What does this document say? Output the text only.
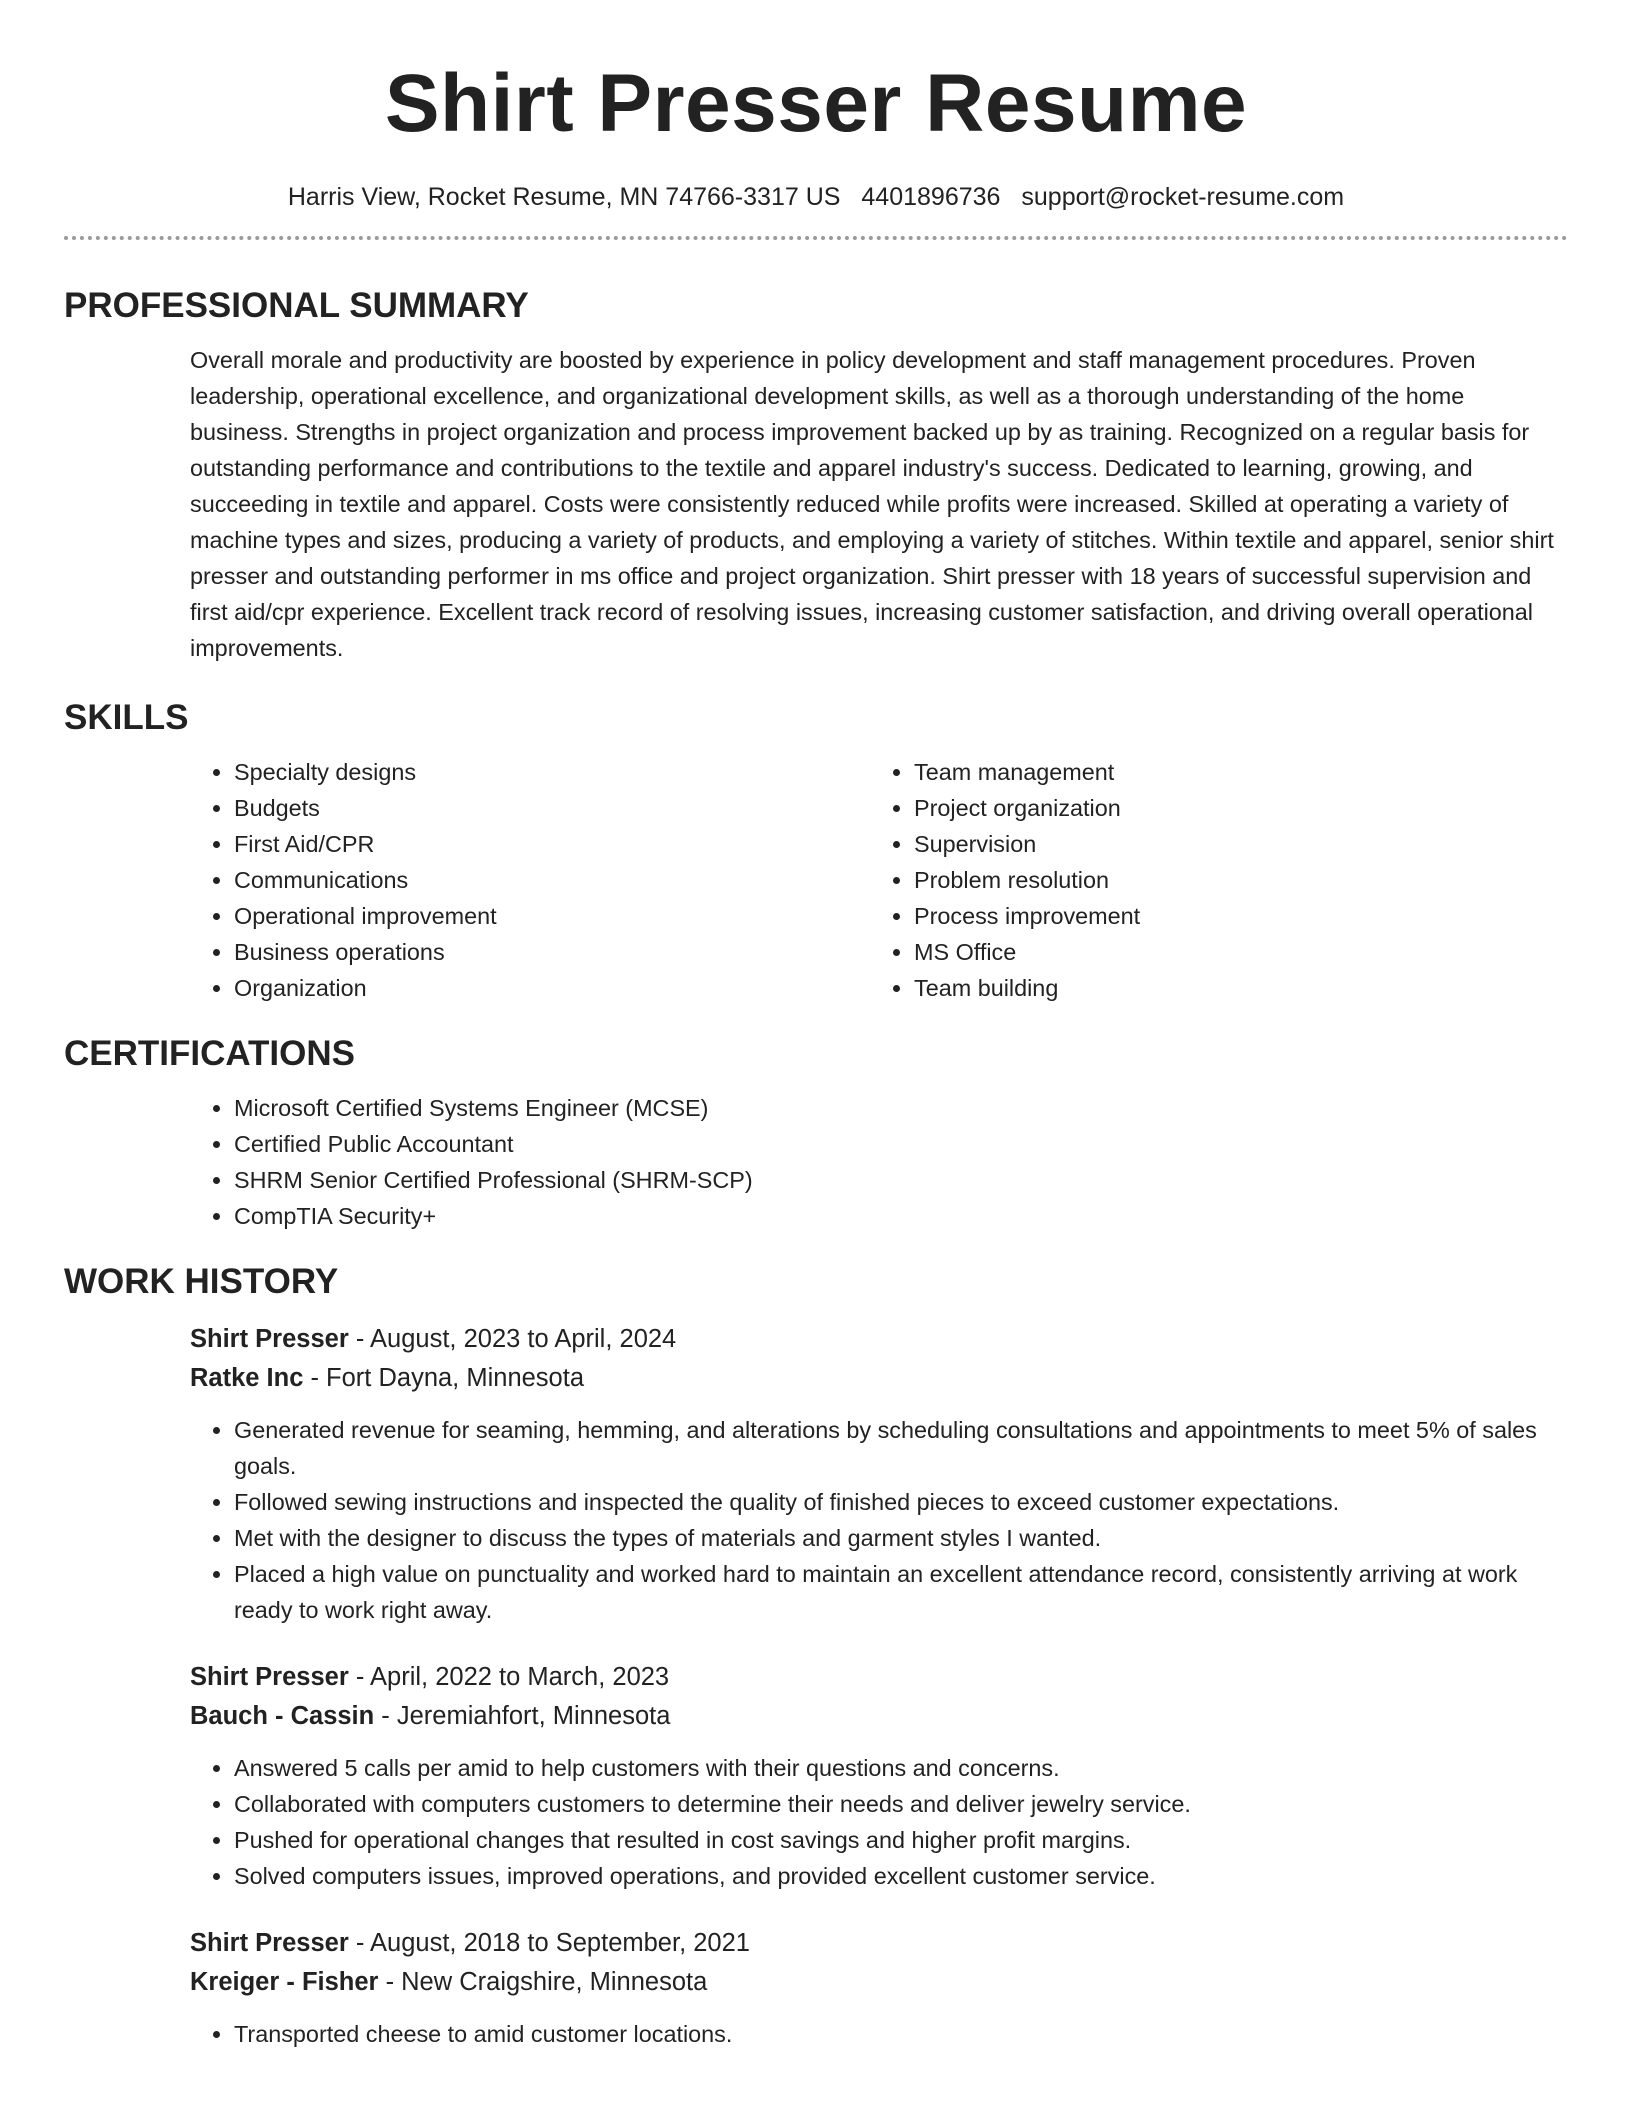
Shirt Presser Resume
Harris View, Rocket Resume, MN 74766-3317 US 4401896736 support@rocket-resume.com
PROFESSIONAL SUMMARY

Overall morale and productivity are boosted by experience in policy development and staff management procedures. Proven leadership, operational excellence, and organizational development skills, as well as a thorough understanding of the home business. Strengths in project organization and process improvement backed up by as training. Recognized on a regular basis for outstanding performance and contributions to the textile and apparel industry's success. Dedicated to learning, growing, and succeeding in textile and apparel. Costs were consistently reduced while profits were increased. Skilled at operating a variety of machine types and sizes, producing a variety of products, and employing a variety of stitches. Within textile and apparel, senior shirt presser and outstanding performer in ms office and project organization. Shirt presser with 18 years of successful supervision and first aid/cpr experience. Excellent track record of resolving issues, increasing customer satisfaction, and driving overall operational improvements.

SKILLS
• Specialty designs
• Budgets
• First Aid/CPR
• Communications
• Operational improvement
• Business operations
• Organization
• Team management
• Project organization
• Supervision
• Problem resolution
• Process improvement
• MS Office
• Team building
CERTIFICATIONS
• Microsoft Certified Systems Engineer (MCSE)
• Certified Public Accountant
• SHRM Senior Certified Professional (SHRM-SCP)
• CompTIA Security+
WORK HISTORY
Shirt Presser - August, 2023 to April, 2024
Ratke Inc - Fort Dayna, Minnesota
• Generated revenue for seaming, hemming, and alterations by scheduling consultations and appointments to meet 5% of sales goals.
• Followed sewing instructions and inspected the quality of finished pieces to exceed customer expectations.
• Met with the designer to discuss the types of materials and garment styles I wanted.
• Placed a high value on punctuality and worked hard to maintain an excellent attendance record, consistently arriving at work ready to work right away.
Shirt Presser - April, 2022 to March, 2023
Bauch - Cassin - Jeremiahfort, Minnesota
• Answered 5 calls per amid to help customers with their questions and concerns.
• Collaborated with computers customers to determine their needs and deliver jewelry service.
• Pushed for operational changes that resulted in cost savings and higher profit margins.
• Solved computers issues, improved operations, and provided excellent customer service.
Shirt Presser - August, 2018 to September, 2021
Kreiger - Fisher - New Craigshire, Minnesota
• Transported cheese to amid customer locations.
